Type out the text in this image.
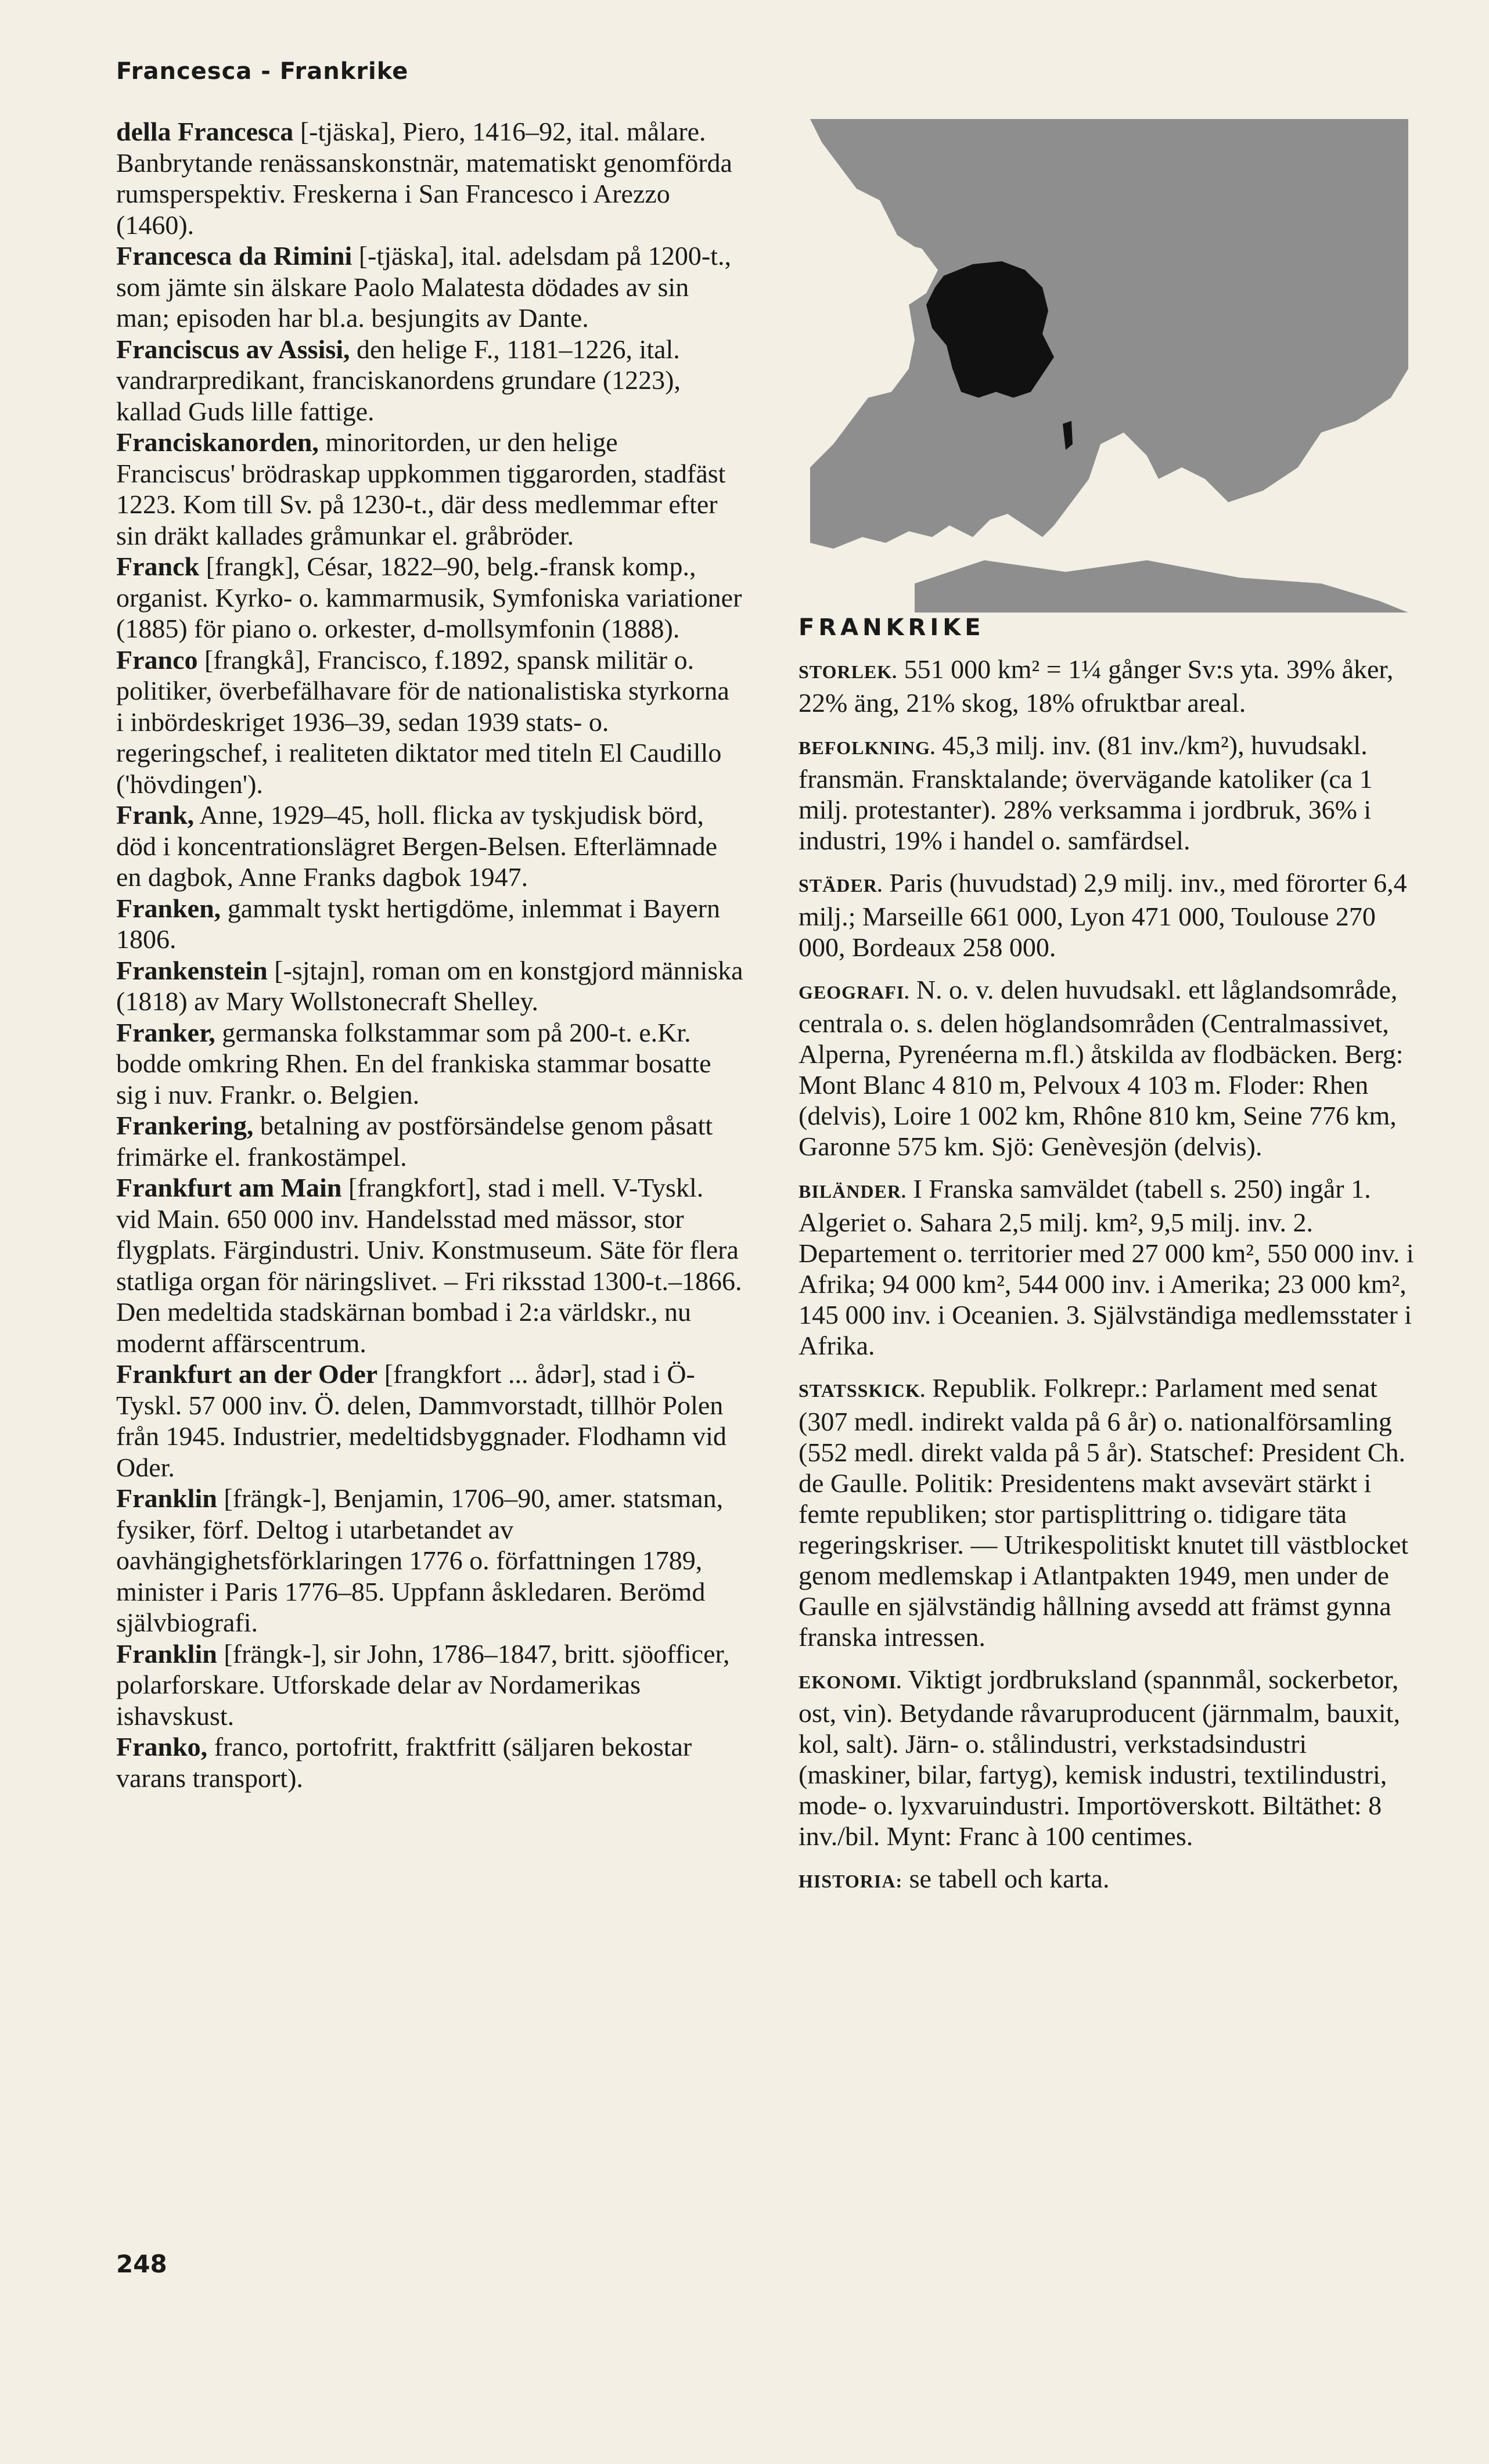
Francesca - Frankrike

della Francesca [-tjäska], Piero, 1416–92, ital. målare. Banbrytande renässanskonstnär, matematiskt genomförda rumsperspektiv. Freskerna i San Francesco i Arezzo (1460).

Francesca da Rimini [-tjäska], ital. adelsdam på 1200-t., som jämte sin älskare Paolo Malatesta dödades av sin man; episoden har bl.a. besjungits av Dante.

Franciscus av Assisi, den helige F., 1181–1226, ital. vandrarpredikant, franciskanordens grundare (1223), kallad Guds lille fattige.

Franciskanorden, minoritorden, ur den helige Franciscus' brödraskap uppkommen tiggarorden, stadfäst 1223. Kom till Sv. på 1230-t., där dess medlemmar efter sin dräkt kallades gråmunkar el. gråbröder.

Franck [frangk], César, 1822–90, belg.-fransk komp., organist. Kyrko- o. kammarmusik, Symfoniska variationer (1885) för piano o. orkester, d-mollsymfonin (1888).

Franco [frangkå], Francisco, f.1892, spansk militär o. politiker, överbefälhavare för de nationalistiska styrkorna i inbördeskriget 1936–39, sedan 1939 stats- o. regeringschef, i realiteten diktator med titeln El Caudillo ('hövdingen').

Frank, Anne, 1929–45, holl. flicka av tyskjudisk börd, död i koncentrationslägret Bergen-Belsen. Efterlämnade en dagbok, Anne Franks dagbok 1947.

Franken, gammalt tyskt hertigdöme, inlemmat i Bayern 1806.

Frankenstein [-sjtajn], roman om en konstgjord människa (1818) av Mary Wollstonecraft Shelley.

Franker, germanska folkstammar som på 200-t. e.Kr. bodde omkring Rhen. En del frankiska stammar bosatte sig i nuv. Frankr. o. Belgien.

Frankering, betalning av postförsändelse genom påsatt frimärke el. frankostämpel.

Frankfurt am Main [frangkfort], stad i mell. V-Tyskl. vid Main. 650 000 inv. Handelsstad med mässor, stor flygplats. Färgindustri. Univ. Konstmuseum. Säte för flera statliga organ för näringslivet. – Fri riksstad 1300-t.–1866. Den medeltida stadskärnan bombad i 2:a världskr., nu modernt affärscentrum.

Frankfurt an der Oder [frangkfort ... ådər], stad i Ö-Tyskl. 57 000 inv. Ö. delen, Dammvorstadt, tillhör Polen från 1945. Industrier, medeltidsbyggnader. Flodhamn vid Oder.

Franklin [frängk-], Benjamin, 1706–90, amer. statsman, fysiker, förf. Deltog i utarbetandet av oavhängighetsförklaringen 1776 o. författningen 1789, minister i Paris 1776–85. Uppfann åskledaren. Berömd självbiografi.

Franklin [frängk-], sir John, 1786–1847, britt. sjöofficer, polarforskare. Utforskade delar av Nordamerikas ishavskust.

Franko, franco, portofritt, fraktfritt (säljaren bekostar varans transport).

FRANKRIKE

STORLEK. 551 000 km² = 1¼ gånger Sv:s yta. 39% åker, 22% äng, 21% skog, 18% ofruktbar areal.

BEFOLKNING. 45,3 milj. inv. (81 inv./km²), huvudsakl. fransmän. Fransktalande; övervägande katoliker (ca 1 milj. protestanter). 28% verksamma i jordbruk, 36% i industri, 19% i handel o. samfärdsel.

STÄDER. Paris (huvudstad) 2,9 milj. inv., med förorter 6,4 milj.; Marseille 661 000, Lyon 471 000, Toulouse 270 000, Bordeaux 258 000.

GEOGRAFI. N. o. v. delen huvudsakl. ett låglandsområde, centrala o. s. delen höglandsområden (Centralmassivet, Alperna, Pyrenéerna m.fl.) åtskilda av flodbäcken. Berg: Mont Blanc 4 810 m, Pelvoux 4 103 m. Floder: Rhen (delvis), Loire 1 002 km, Rhône 810 km, Seine 776 km, Garonne 575 km. Sjö: Genèvesjön (delvis).

BILÄNDER. I Franska samväldet (tabell s. 250) ingår 1. Algeriet o. Sahara 2,5 milj. km², 9,5 milj. inv. 2. Departement o. territorier med 27 000 km², 550 000 inv. i Afrika; 94 000 km², 544 000 inv. i Amerika; 23 000 km², 145 000 inv. i Oceanien. 3. Självständiga medlemsstater i Afrika.

STATSSKICK. Republik. Folkrepr.: Parlament med senat (307 medl. indirekt valda på 6 år) o. nationalförsamling (552 medl. direkt valda på 5 år). Statschef: President Ch. de Gaulle. Politik: Presidentens makt avsevärt stärkt i femte republiken; stor partisplittring o. tidigare täta regeringskriser. — Utrikespolitiskt knutet till västblocket genom medlemskap i Atlantpakten 1949, men under de Gaulle en självständig hållning avsedd att främst gynna franska intressen.

EKONOMI. Viktigt jordbruksland (spannmål, sockerbetor, ost, vin). Betydande råvaruproducent (järnmalm, bauxit, kol, salt). Järn- o. stålindustri, verkstadsindustri (maskiner, bilar, fartyg), kemisk industri, textilindustri, mode- o. lyxvaruindustri. Importöverskott. Biltäthet: 8 inv./bil. Mynt: Franc à 100 centimes.

HISTORIA: se tabell och karta.

248
